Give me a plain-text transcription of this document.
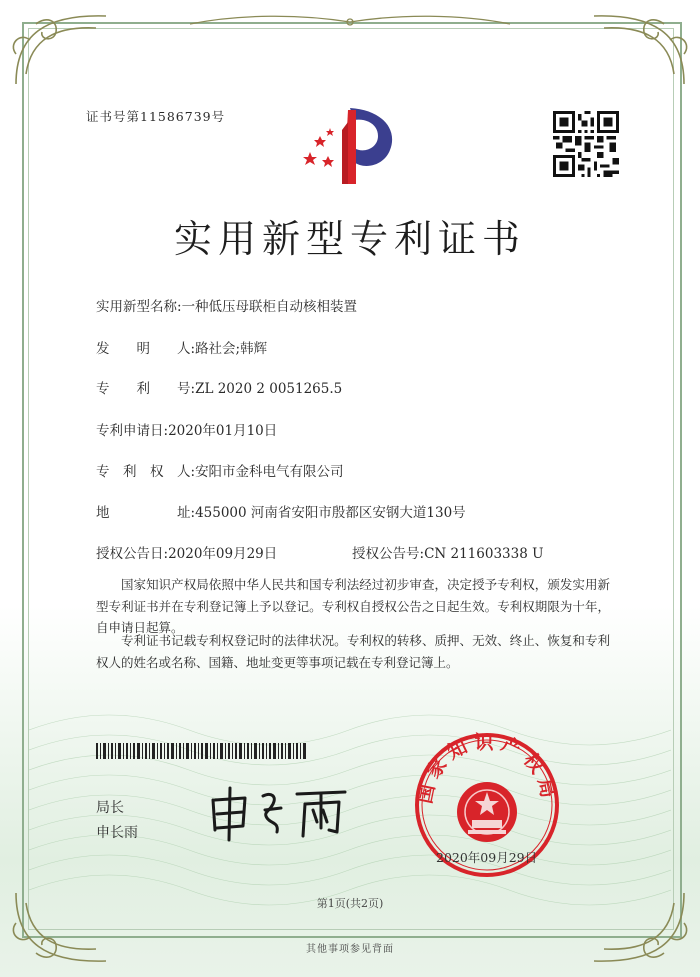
证书号第11586739号
实用新型专利证书
实用新型名称:一种低压母联柜自动核相装置
发　　明　　人:路社会;韩辉
专　　利　　号:ZL 2020 2 0051265.5
专利申请日:2020年01月10日
专　利　权　人:安阳市金科电气有限公司
地　　　　　址:455000 河南省安阳市殷都区安钢大道130号
授权公告日:2020年09月29日	授权公告号:CN 211603338 U
国家知识产权局依照中华人民共和国专利法经过初步审查，决定授予专利权，颁发实用新型专利证书并在专利登记簿上予以登记。专利权自授权公告之日起生效。专利权期限为十年，自申请日起算。
专利证书记载专利权登记时的法律状况。专利权的转移、质押、无效、终止、恢复和专利权人的姓名或名称、国籍、地址变更等事项记载在专利登记簿上。
局长
申长雨
国家知识产权局
2020年09月29日
第1页(共2页)
其他事项参见背面
